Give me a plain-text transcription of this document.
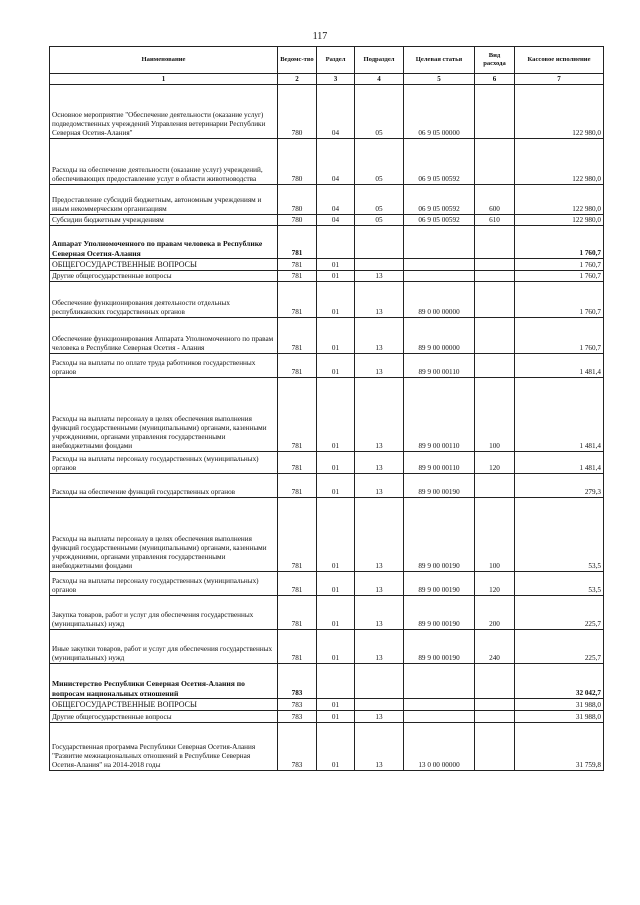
117
Наименование	Ведомс-тво	Раздел	Подраздел	Целевая статья	Вид расхода	Кассовое исполнение
1	2	3	4	5	6	7
Основное мероприятие "Обеспечение деятельности (оказание услуг) подведомственных учреждений Управления ветеринарии Республики Северная Осетия-Алания"	780	04	05	06 9 05 00000		122 980,0
Расходы на обеспечение деятельности (оказание услуг) учреждений, обеспечивающих предоставление услуг в области животноводства	780	04	05	06 9 05 00592		122 980,0
Предоставление субсидий бюджетным, автономным учреждениям и иным некоммерческим организациям	780	04	05	06 9 05 00592	600	122 980,0
Субсидии бюджетным учреждениям	780	04	05	06 9 05 00592	610	122 980,0
Аппарат Уполномоченного по правам человека в Республике Северная Осетия-Алания	781					1 760,7
ОБЩЕГОСУДАРСТВЕННЫЕ ВОПРОСЫ	781	01				1 760,7
Другие общегосударственные вопросы	781	01	13			1 760,7
Обеспечение функционирования деятельности отдельных республиканских государственных органов	781	01	13	89 0 00 00000		1 760,7
Обеспечение функционирования Аппарата Уполномоченного по правам человека в Республике Северная Осетия - Алания	781	01	13	89 9 00 00000		1 760,7
Расходы на выплаты по оплате труда работников государственных органов	781	01	13	89 9 00 00110		1 481,4
Расходы на выплаты персоналу в целях обеспечения выполнения функций государственными (муниципальными) органами, казенными учреждениями, органами управления государственными внебюджетными фондами	781	01	13	89 9 00 00110	100	1 481,4
Расходы на выплаты персоналу государственных (муниципальных) органов	781	01	13	89 9 00 00110	120	1 481,4
Расходы на обеспечение функций государственных органов	781	01	13	89 9 00 00190		279,3
Расходы на выплаты персоналу в целях обеспечения выполнения функций государственными (муниципальными) органами, казенными учреждениями, органами управления государственными внебюджетными фондами	781	01	13	89 9 00 00190	100	53,5
Расходы на выплаты персоналу государственных (муниципальных) органов	781	01	13	89 9 00 00190	120	53,5
Закупка товаров, работ и услуг для обеспечения государственных (муниципальных) нужд	781	01	13	89 9 00 00190	200	225,7
Иные закупки товаров, работ и услуг для обеспечения государственных (муниципальных) нужд	781	01	13	89 9 00 00190	240	225,7
Министерство Республики Северная Осетия-Алания по вопросам национальных отношений	783					32 042,7
ОБЩЕГОСУДАРСТВЕННЫЕ ВОПРОСЫ	783	01				31 988,0
Другие общегосударственные вопросы	783	01	13			31 988,0
Государственная программа Республики Северная Осетия-Алания "Развитие межнациональных отношений в Республике Северная Осетия-Алания" на 2014-2018 годы	783	01	13	13 0 00 00000		31 759,8
